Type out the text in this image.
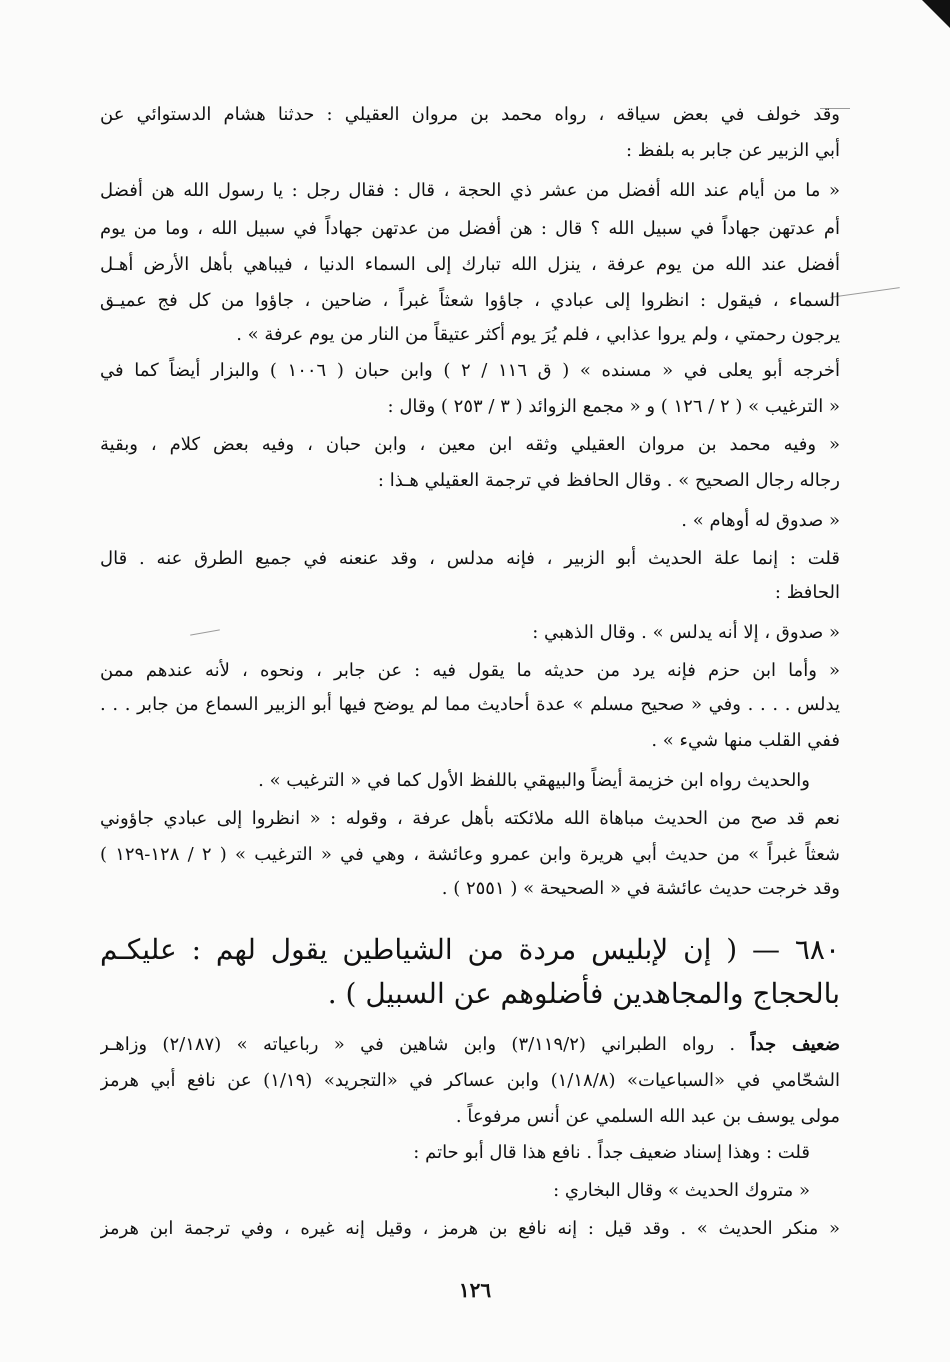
وقد خولف في بعض سياقه ، رواه محمد بن مروان العقيلي : حدثنا هشام الدستوائي عن
أبي الزبير عن جابر به بلفظ :
« ما من أيام عند الله أفضل من عشر ذي الحجة ، قال : فقال رجل : يا رسول الله هن أفضل
أم عدتهن جهاداً في سبيل الله ؟ قال : هن أفضل من عدتهن جهاداً في سبيل الله ، وما من يوم
أفضل عند الله من يوم عرفة ، ينزل الله تبارك إلى السماء الدنيا ، فيباهي بأهل الأرض أهـل
السماء ، فيقول : انظروا إلى عبادي ، جاؤوا شعثاً غبراً ، ضاحين ، جاؤوا من كل فج عميـق
يرجون رحمتي ، ولم يروا عذابي ، فلم يُرَ يوم أكثر عتيقاً من النار من يوم عرفة » .
أخرجه أبو يعلى في « مسنده » ( ق ١١٦ / ٢ ) وابن حبان ( ١٠٠٦ ) والبزار أيضاً كما في
« الترغيب » ( ٢ / ١٢٦ ) و « مجمع الزوائد ( ٣ / ٢٥٣ ) وقال :
« وفيه محمد بن مروان العقيلي وثقه ابن معين ، وابن حبان ، وفيه بعض كلام ، وبقية
رجاله رجال الصحيح » . وقال الحافظ في ترجمة العقيلي هـذا :
« صدوق له أوهام » .
قلت : إنما علة الحديث أبو الزبير ، فإنه مدلس ، وقد عنعنه في جميع الطرق عنه . قال
الحافظ :
« صدوق ، إلا أنه يدلس » . وقال الذهبي :
« وأما ابن حزم فإنه يرد من حديثه ما يقول فيه : عن جابر ، ونحوه ، لأنه عندهم ممن
يدلس . . . . وفي « صحيح مسلم » عدة أحاديث مما لم يوضح فيها أبو الزبير السماع من جابر . . .
ففي القلب منها شيء » .
والحديث رواه ابن خزيمة أيضاً والبيهقي باللفظ الأول كما في « الترغيب » .
نعم قد صح من الحديث مباهاة الله ملائكته بأهل عرفة ، وقوله : « انظروا إلى عبادي جاؤوني
شعثاً غبراً » من حديث أبي هريرة وابن عمرو وعائشة ، وهي في « الترغيب » ( ٢ / ١٢٨-١٢٩ )
وقد خرجت حديث عائشة في « الصحيحة » ( ٢٥٥١ ) .
٦٨٠ — ( إن لإبليس مردة من الشياطين يقول لهم : عليكـم
بالحجاج والمجاهدين فأضلوهم عن السبيل ) .
ضعيف جداً . رواه الطبراني (٣/١١٩/٢) وابن شاهين في « رباعياته » (٢/١٨٧) وزاهـر
الشحّامي في «السباعيات» (١/١٨/٨) وابن عساكر في «التجريد» (١/١٩) عن نافع أبي هرمز
مولى يوسف بن عبد الله السلمي عن أنس مرفوعاً .
قلت : وهذا إسناد ضعيف جداً . نافع هذا قال أبو حاتم :
« متروك الحديث » وقال البخاري :
« منكر الحديث » . وقد قيل : إنه نافع بن هرمز ، وقيل إنه غيره ، وفي ترجمة ابن هرمز
١٢٦
